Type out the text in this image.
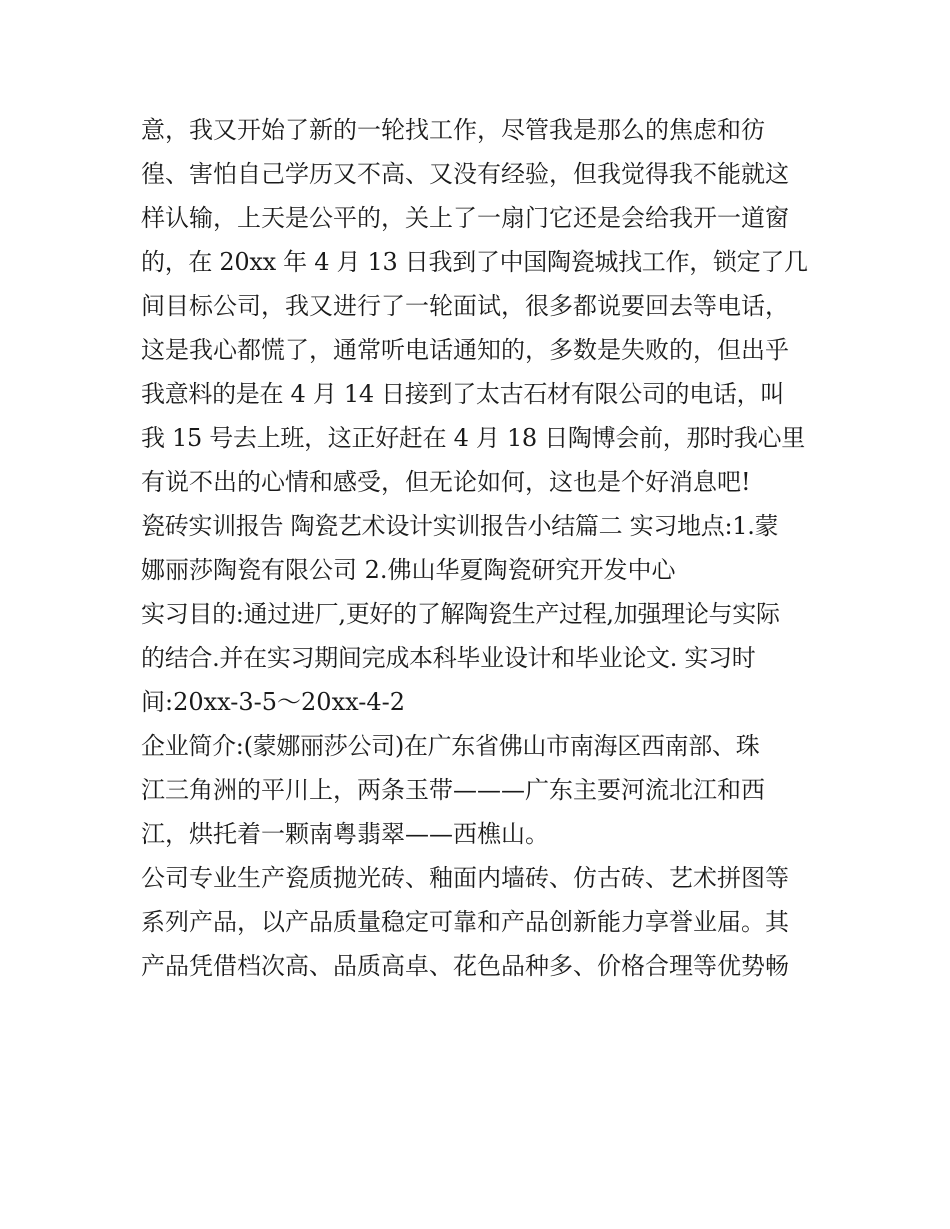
意，我又开始了新的一轮找工作，尽管我是那么的焦虑和彷
徨、害怕自己学历又不高、又没有经验，但我觉得我不能就这
样认输，上天是公平的，关上了一扇门它还是会给我开一道窗
的，在 20xx 年 4 月 13 日我到了中国陶瓷城找工作，锁定了几
间目标公司，我又进行了一轮面试，很多都说要回去等电话，
这是我心都慌了，通常听电话通知的，多数是失败的，但出乎
我意料的是在 4 月 14 日接到了太古石材有限公司的电话，叫
我 15 号去上班，这正好赶在 4 月 18 日陶博会前，那时我心里
有说不出的心情和感受，但无论如何，这也是个好消息吧!
瓷砖实训报告 陶瓷艺术设计实训报告小结篇二 实习地点:1.蒙
娜丽莎陶瓷有限公司 2.佛山华夏陶瓷研究开发中心
实习目的:通过进厂,更好的了解陶瓷生产过程,加强理论与实际
的结合.并在实习期间完成本科毕业设计和毕业论文. 实习时
间:20xx-3-5～20xx-4-2
企业简介:(蒙娜丽莎公司)在广东省佛山市南海区西南部、珠
江三角洲的平川上，两条玉带———广东主要河流北江和西
江，烘托着一颗南粤翡翠——西樵山。
公司专业生产瓷质抛光砖、釉面内墙砖、仿古砖、艺术拼图等
系列产品，以产品质量稳定可靠和产品创新能力享誉业届。其
产品凭借档次高、品质高卓、花色品种多、价格合理等优势畅
